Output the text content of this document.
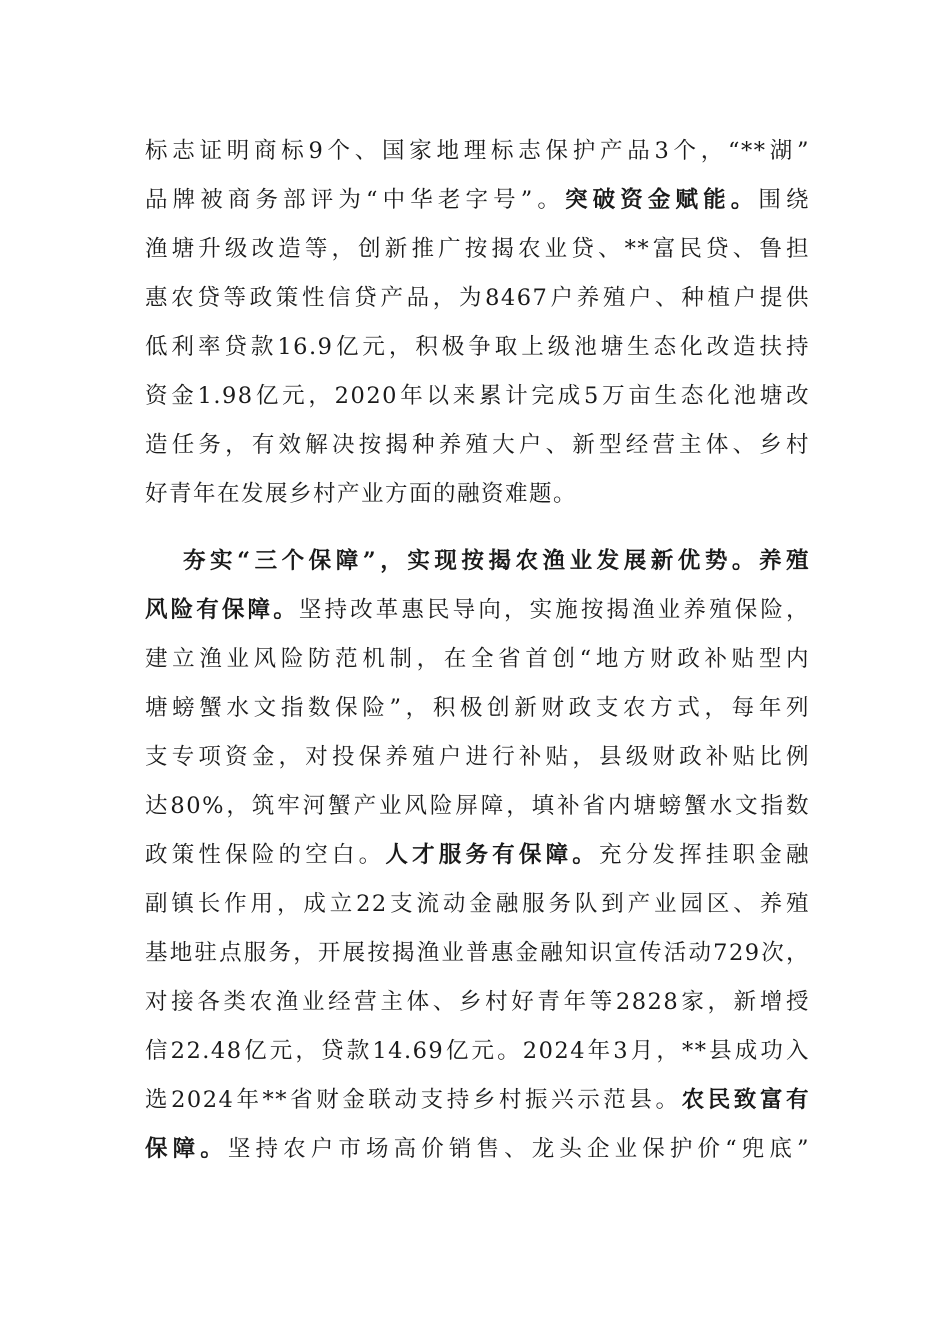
标志证明商标9个、国家地理标志保护产品3个，“**湖”
品牌被商务部评为“中华老字号”。突破资金赋能。围绕
渔塘升级改造等，创新推广按揭农业贷、**富民贷、鲁担
惠农贷等政策性信贷产品，为8467户养殖户、种植户提供
低利率贷款16.9亿元，积极争取上级池塘生态化改造扶持
资金1.98亿元，2020年以来累计完成5万亩生态化池塘改
造任务，有效解决按揭种养殖大户、新型经营主体、乡村
好青年在发展乡村产业方面的融资难题。
夯实“三个保障”，实现按揭农渔业发展新优势。养殖
风险有保障。坚持改革惠民导向，实施按揭渔业养殖保险，
建立渔业风险防范机制，在全省首创“地方财政补贴型内
塘螃蟹水文指数保险”，积极创新财政支农方式，每年列
支专项资金，对投保养殖户进行补贴，县级财政补贴比例
达80%，筑牢河蟹产业风险屏障，填补省内塘螃蟹水文指数
政策性保险的空白。人才服务有保障。充分发挥挂职金融
副镇长作用，成立22支流动金融服务队到产业园区、养殖
基地驻点服务，开展按揭渔业普惠金融知识宣传活动729次，
对接各类农渔业经营主体、乡村好青年等2828家，新增授
信22.48亿元，贷款14.69亿元。2024年3月，**县成功入
选2024年**省财金联动支持乡村振兴示范县。农民致富有
保障。坚持农户市场高价销售、龙头企业保护价“兜底”
